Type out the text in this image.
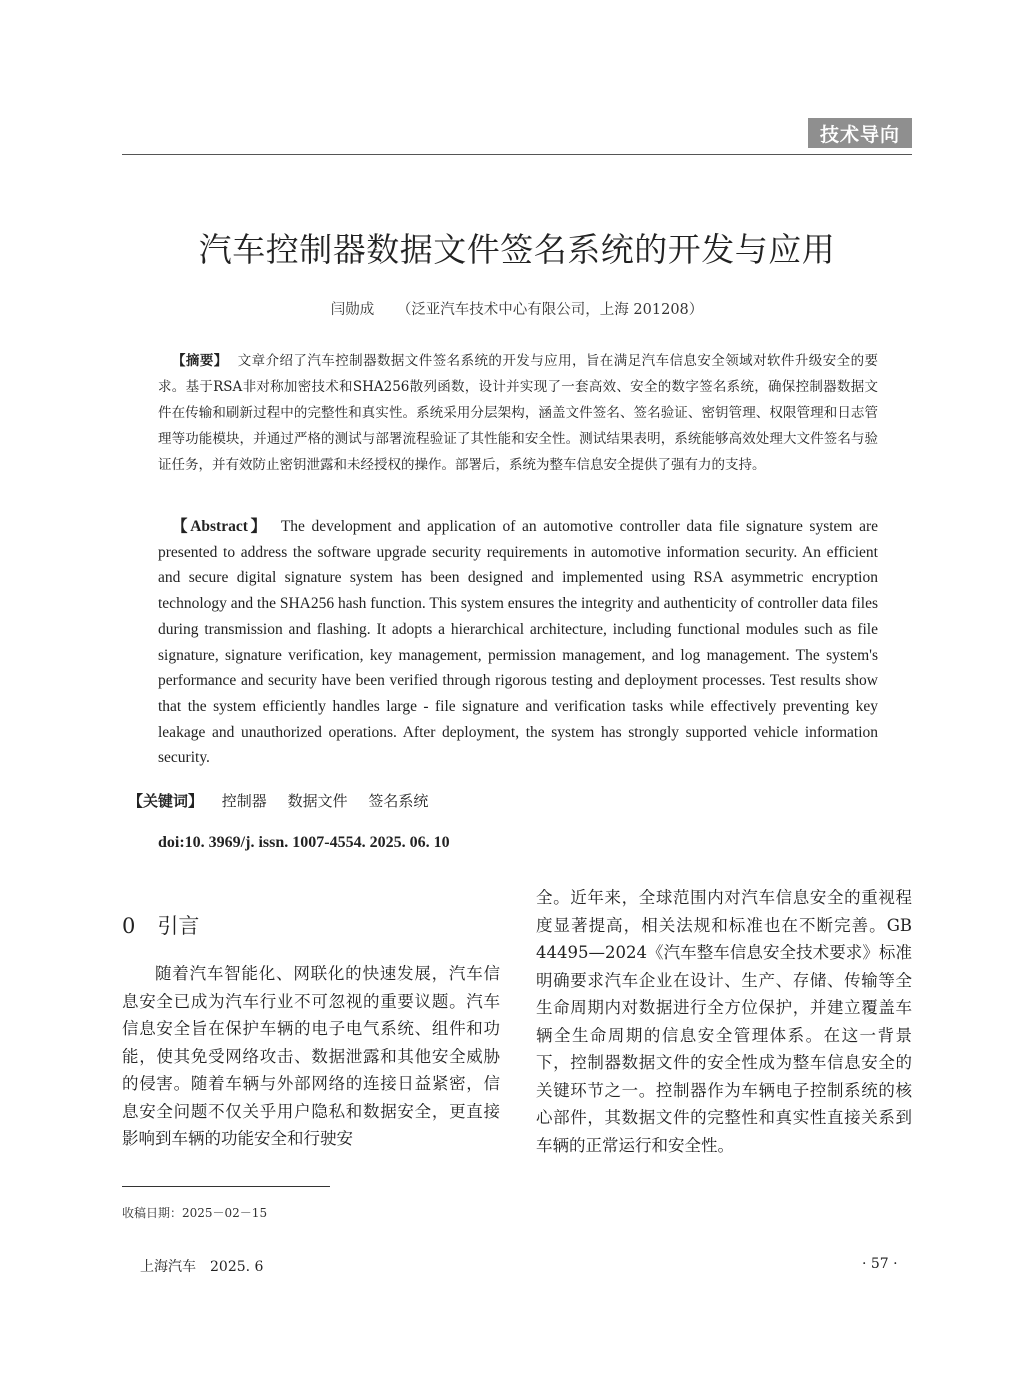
技术导向
汽车控制器数据文件签名系统的开发与应用
闫勋成 （泛亚汽车技术中心有限公司，上海 201208）
【摘要】 文章介绍了汽车控制器数据文件签名系统的开发与应用，旨在满足汽车信息安全领域对软件升级安全的要求。基于RSA非对称加密技术和SHA256散列函数，设计并实现了一套高效、安全的数字签名系统，确保控制器数据文件在传输和刷新过程中的完整性和真实性。系统采用分层架构，涵盖文件签名、签名验证、密钥管理、权限管理和日志管理等功能模块，并通过严格的测试与部署流程验证了其性能和安全性。测试结果表明，系统能够高效处理大文件签名与验证任务，并有效防止密钥泄露和未经授权的操作。部署后，系统为整车信息安全提供了强有力的支持。
【Abstract】 The development and application of an automotive controller data file signature system are presented to address the software upgrade security requirements in automotive information security. An efficient and secure digital signature system has been designed and implemented using RSA asymmetric encryption technology and the SHA256 hash function. This system ensures the integrity and authenticity of controller data files during transmission and flashing. It adopts a hierarchical architecture, including functional modules such as file signature, signature verification, key management, permission management, and log management. The system's performance and security have been verified through rigorous testing and deployment processes. Test results show that the system efficiently handles large - file signature and verification tasks while effectively preventing key leakage and unauthorized operations. After deployment, the system has strongly supported vehicle information security.
【关键词】 控制器 数据文件 签名系统
doi:10. 3969/j. issn. 1007-4554. 2025. 06. 10
0 引言
随着汽车智能化、网联化的快速发展，汽车信息安全已成为汽车行业不可忽视的重要议题。汽车信息安全旨在保护车辆的电子电气系统、组件和功能，使其免受网络攻击、数据泄露和其他安全威胁的侵害。随着车辆与外部网络的连接日益紧密，信息安全问题不仅关乎用户隐私和数据安全，更直接影响到车辆的功能安全和行驶安
全。近年来，全球范围内对汽车信息安全的重视程度显著提高，相关法规和标准也在不断完善。GB 44495—2024《汽车整车信息安全技术要求》标准明确要求汽车企业在设计、生产、存储、传输等全生命周期内对数据进行全方位保护，并建立覆盖车辆全生命周期的信息安全管理体系。在这一背景下，控制器数据文件的安全性成为整车信息安全的关键环节之一。控制器作为车辆电子控制系统的核心部件，其数据文件的完整性和真实性直接关系到车辆的正常运行和安全性。
收稿日期：2025－02－15
上海汽车 2025. 6	· 57 ·
